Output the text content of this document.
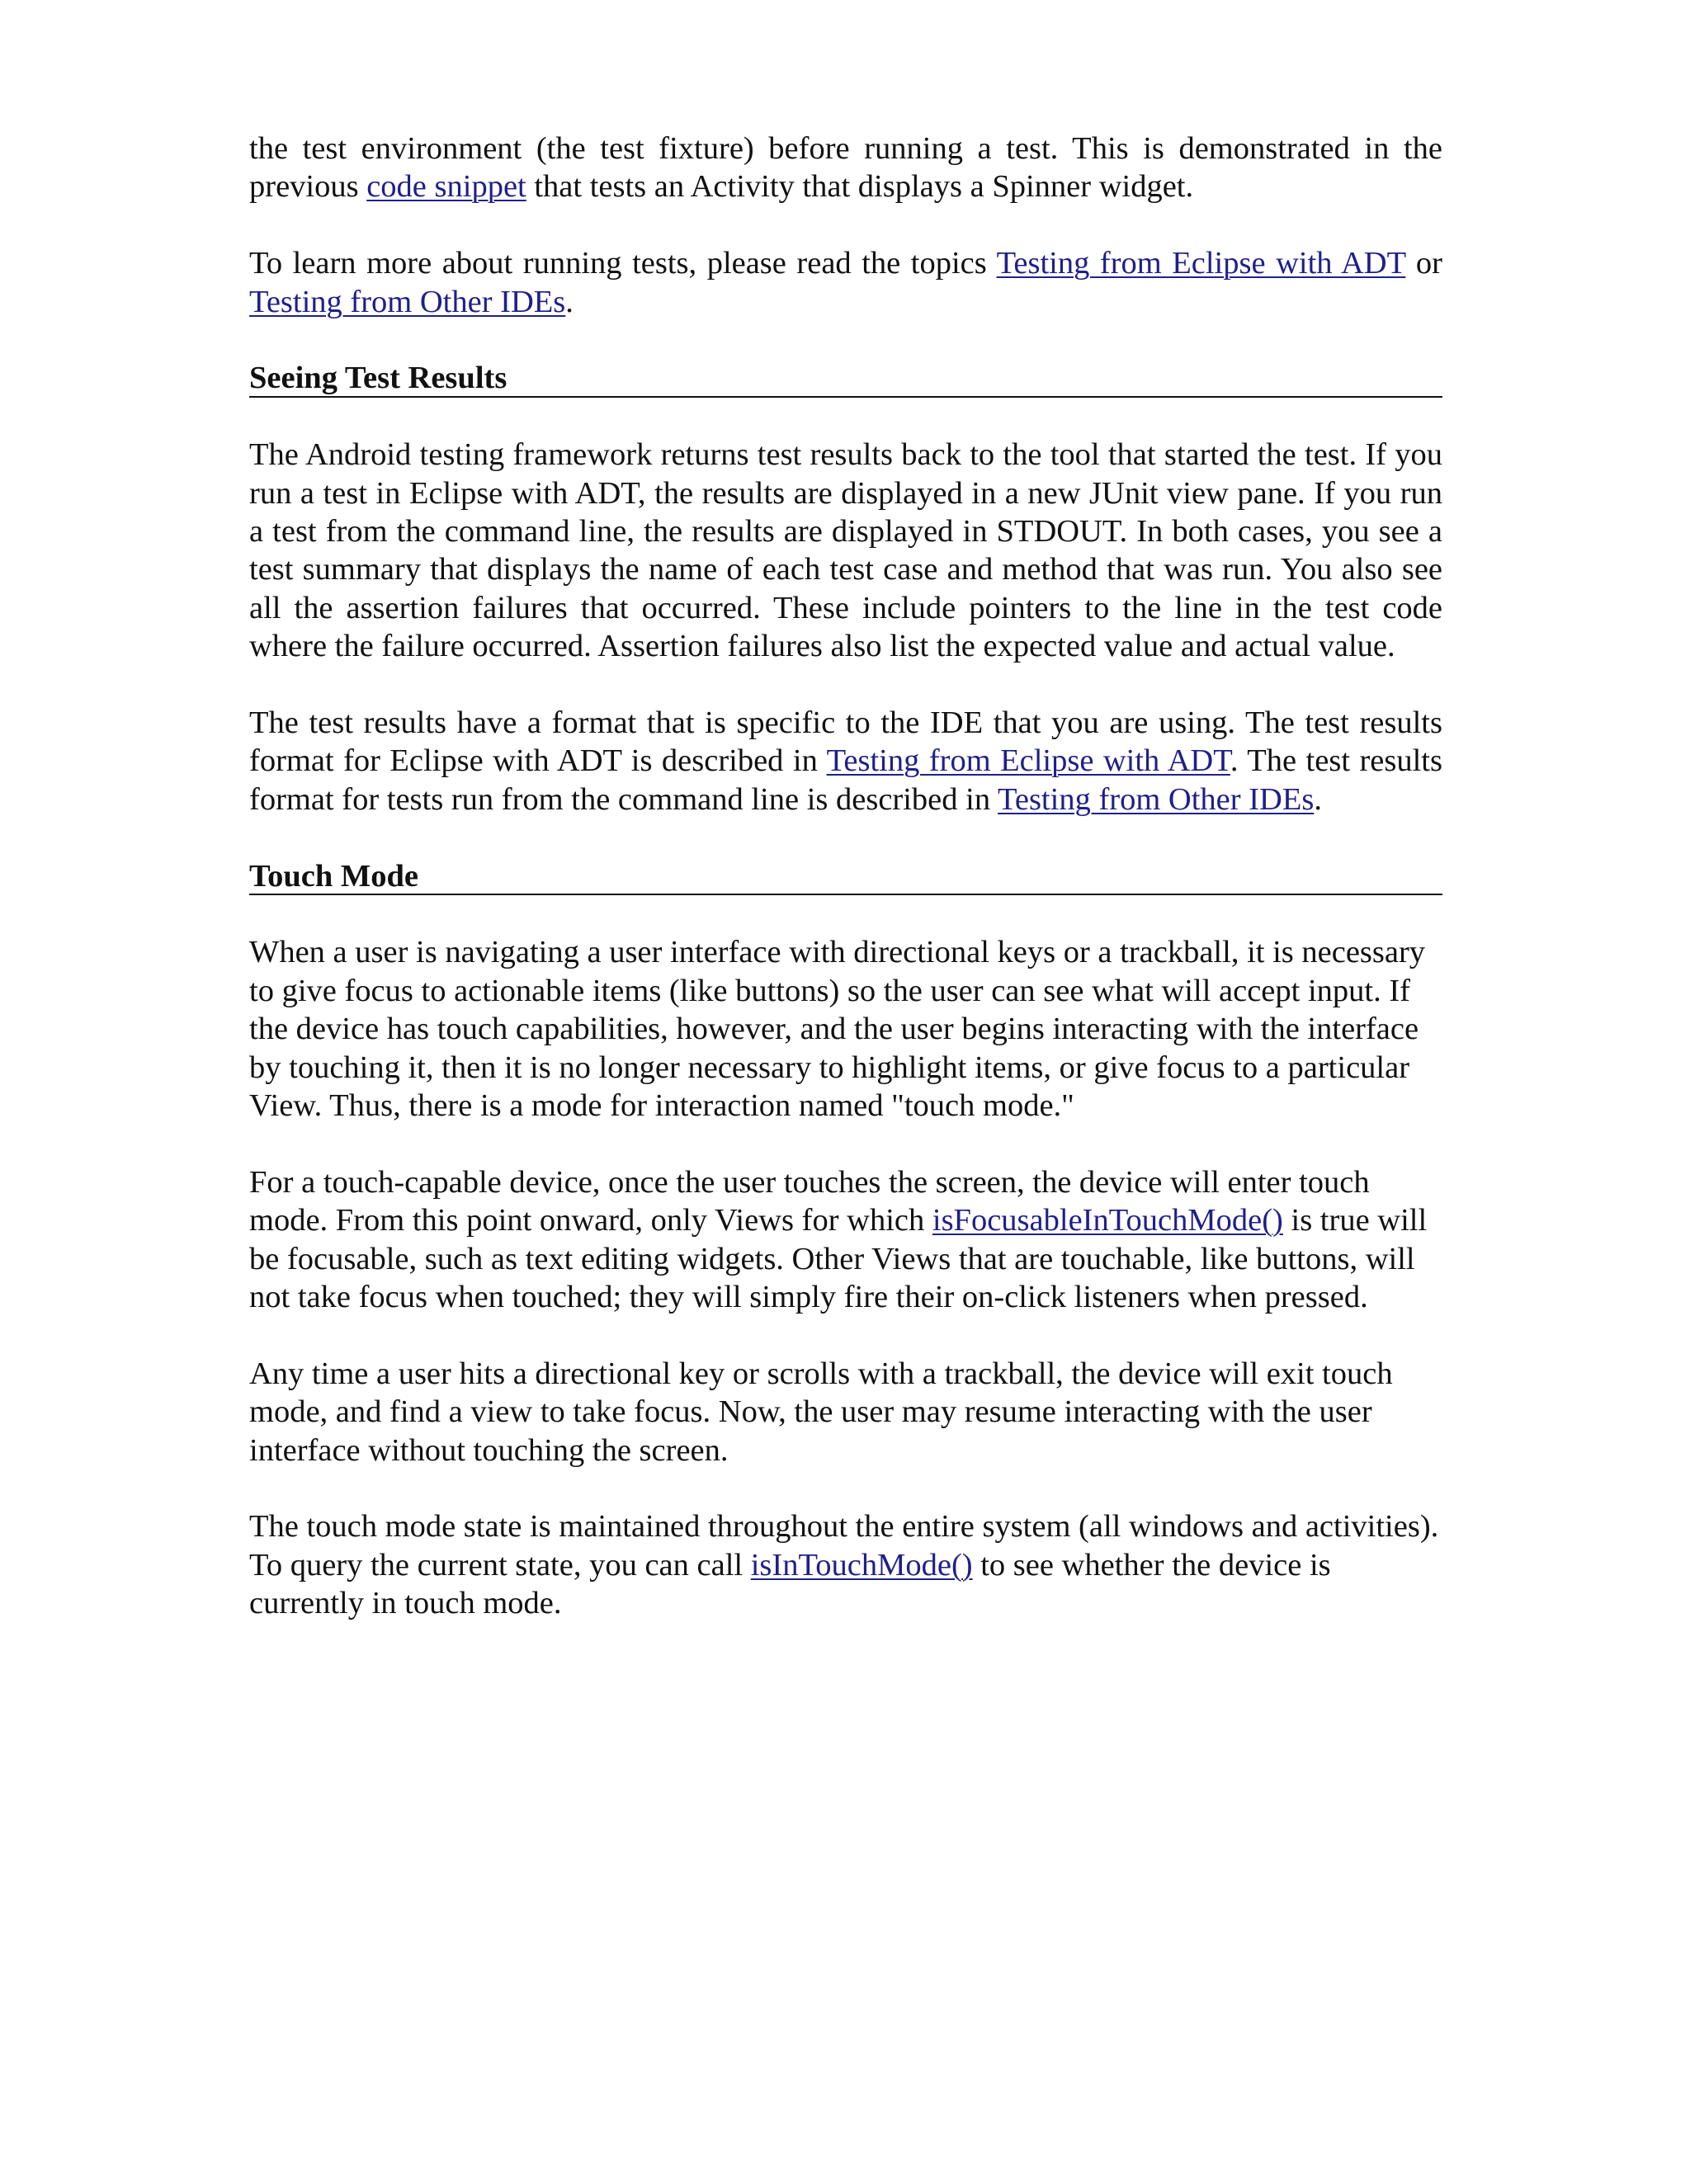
the test environment (the test fixture) before running a test. This is demonstrated in the previous code snippet that tests an Activity that displays a Spinner widget.

To learn more about running tests, please read the topics Testing from Eclipse with ADT or Testing from Other IDEs.

Seeing Test Results

The Android testing framework returns test results back to the tool that started the test. If you run a test in Eclipse with ADT, the results are displayed in a new JUnit view pane. If you run a test from the command line, the results are displayed in STDOUT. In both cases, you see a test summary that displays the name of each test case and method that was run. You also see all the assertion failures that occurred. These include pointers to the line in the test code where the failure occurred. Assertion failures also list the expected value and actual value.

The test results have a format that is specific to the IDE that you are using. The test results format for Eclipse with ADT is described in Testing from Eclipse with ADT. The test results format for tests run from the command line is described in Testing from Other IDEs.

Touch Mode

When a user is navigating a user interface with directional keys or a trackball, it is necessary to give focus to actionable items (like buttons) so the user can see what will accept input. If the device has touch capabilities, however, and the user begins interacting with the interface by touching it, then it is no longer necessary to highlight items, or give focus to a particular View. Thus, there is a mode for interaction named "touch mode."

For a touch-capable device, once the user touches the screen, the device will enter touch mode. From this point onward, only Views for which isFocusableInTouchMode() is true will be focusable, such as text editing widgets. Other Views that are touchable, like buttons, will not take focus when touched; they will simply fire their on-click listeners when pressed.

Any time a user hits a directional key or scrolls with a trackball, the device will exit touch mode, and find a view to take focus. Now, the user may resume interacting with the user interface without touching the screen.

The touch mode state is maintained throughout the entire system (all windows and activities). To query the current state, you can call isInTouchMode() to see whether the device is currently in touch mode.
